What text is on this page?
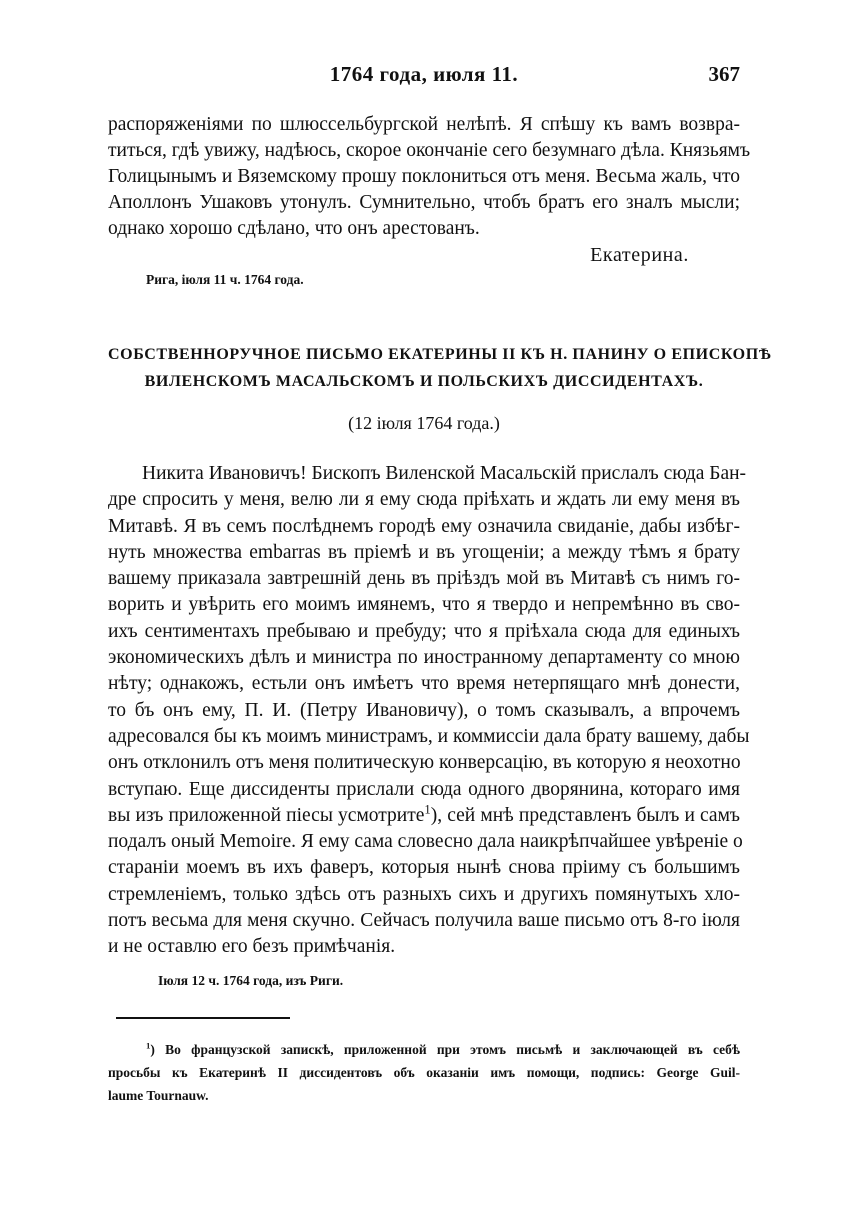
1764 года, июля 11.	367
распоряженіями по шлюссельбургской нелѣпѣ. Я спѣшу къ вамъ возвра-
титься, гдѣ увижу, надѣюсь, скорое окончаніе сего безумнаго дѣла. Князьямъ
Голицынымъ и Вяземскому прошу поклониться отъ меня. Весьма жаль, что
Аполлонъ Ушаковъ утонулъ. Сумнительно, чтобъ братъ его зналъ мысли;
однако хорошо сдѣлано, что онъ арестованъ.
Екатерина.
Рига, іюля 11 ч. 1764 года.
СОБСТВЕННОРУЧНОЕ ПИСЬМО ЕКАТЕРИНЫ II КЪ Н. ПАНИНУ О ЕПИСКОПѢ
ВИЛЕНСКОМЪ МАСАЛЬСКОМЪ И ПОЛЬСКИХЪ ДИССИДЕНТАХЪ.
(12 іюля 1764 года.)
Никита Ивановичъ! Бископъ Виленской Масальскій прислалъ сюда Бан-
дре спросить у меня, велю ли я ему сюда пріѣхать и ждать ли ему меня въ
Митавѣ. Я въ семъ послѣднемъ городѣ ему означила свиданіе, дабы избѣг-
нуть множества embarras въ пріемѣ и въ угощеніи; а между тѣмъ я брату
вашему приказала завтрешній день въ пріѣздъ мой въ Митавѣ съ нимъ го-
ворить и увѣрить его моимъ имянемъ, что я твердо и непремѣнно въ сво-
ихъ сентиментахъ пребываю и пребуду; что я пріѣхала сюда для единыхъ
экономическихъ дѣлъ и министра по иностранному департаменту со мною
нѣту; однакожъ, естьли онъ имѣетъ что время нетерпящаго мнѣ донести,
то бъ онъ ему, П. И. (Петру Ивановичу), о томъ сказывалъ, а впрочемъ
адресовался бы къ моимъ министрамъ, и коммиссіи дала брату вашему, дабы
онъ отклонилъ отъ меня политическую конверсацію, въ которую я неохотно
вступаю. Еще диссиденты прислали сюда одного дворянина, котораго имя
вы изъ приложенной піесы усмотрите$^1$), сей мнѣ представленъ былъ и самъ
подалъ оный Memoire. Я ему сама словесно дала наикрѣпчайшее увѣреніе о
стараніи моемъ въ ихъ фаверъ, которыя нынѣ снова пріиму съ большимъ
стремленіемъ, только здѣсь отъ разныхъ сихъ и другихъ помянутыхъ хло-
потъ весьма для меня скучно. Сейчасъ получила ваше письмо отъ 8-го іюля
и не оставлю его безъ примѣчанія.
Іюля 12 ч. 1764 года, изъ Риги.
$^1$) Во французской запискѣ, приложенной при этомъ письмѣ и заключающей въ себѣ
просьбы къ Екатеринѣ II диссидентовъ объ оказаніи имъ помощи, подпись: George Guil-
laume Tournauw.
